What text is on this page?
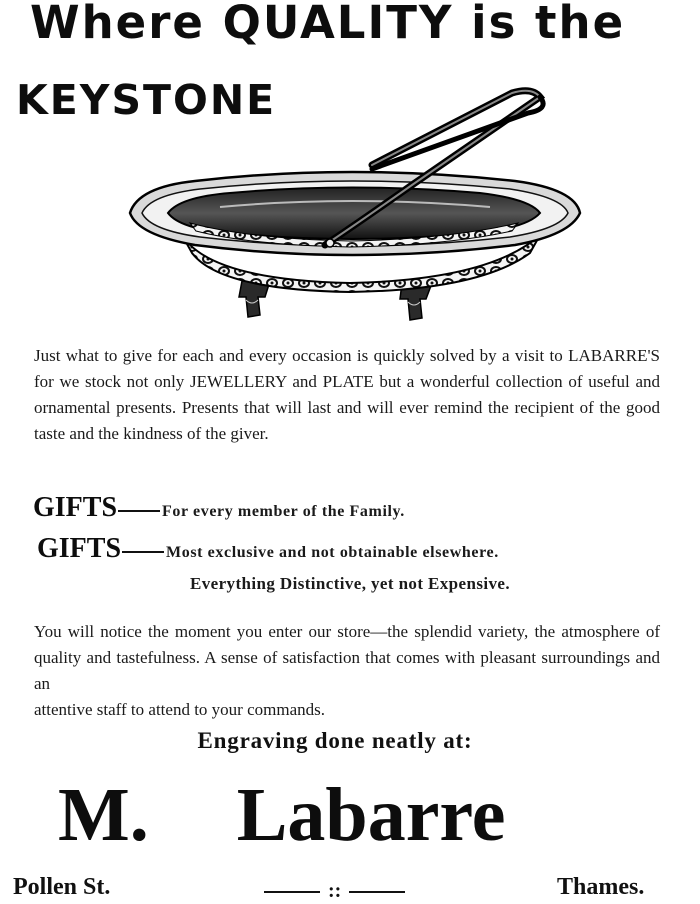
Where QUALITY is the
KEYSTONE
Just what to give for each and every occasion is quickly solved by a visit to LABARRE'S for we stock not only JEWELLERY and PLATE but a wonderful collection of useful and ornamental presents. Presents that will last and will ever remind the recipient of the good taste and the kindness of the giver.
GIFTS	For every member of the Family.
GIFTS	Most exclusive and not obtainable elsewhere.
Everything Distinctive, yet not Expensive.
You will notice the moment you enter our store—the splendid variety, the atmosphere of quality and tastefulness. A sense of satisfaction that comes with pleasant surroundings and an
attentive staff to attend to your commands.
Engraving done neatly at:
M. Labarre
Pollen St.	::	Thames.
